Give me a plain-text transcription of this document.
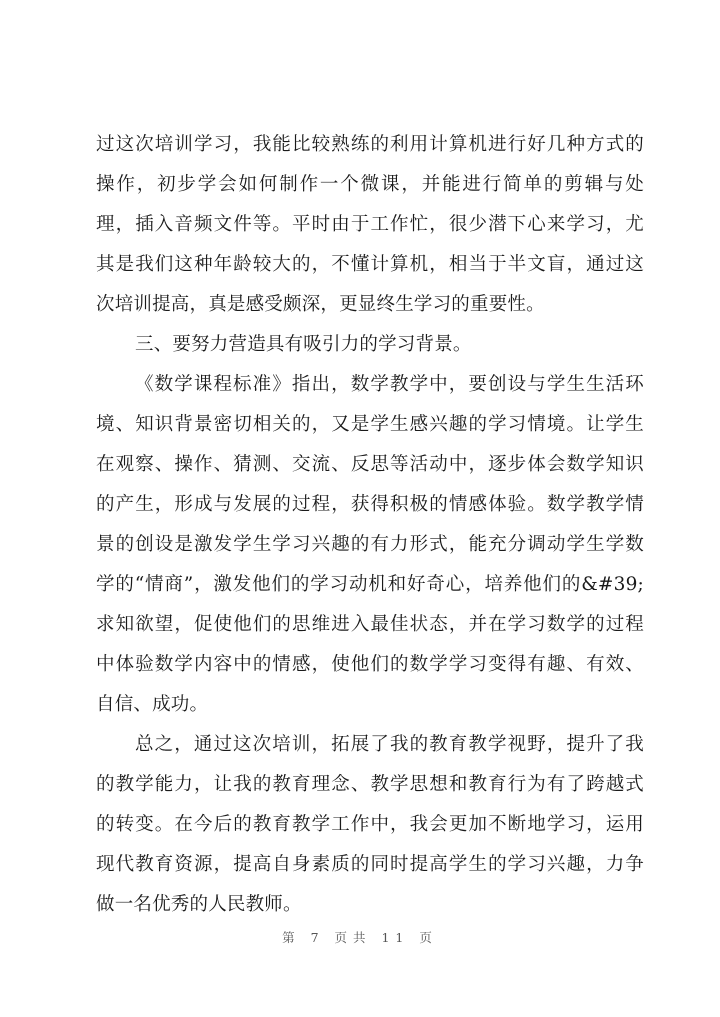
过这次培训学习，我能比较熟练的利用计算机进行好几种方式的
操作，初步学会如何制作一个微课，并能进行简单的剪辑与处
理，插入音频文件等。平时由于工作忙，很少潜下心来学习，尤
其是我们这种年龄较大的，不懂计算机，相当于半文盲，通过这
次培训提高，真是感受颇深，更显终生学习的重要性。
三、要努力营造具有吸引力的学习背景。
《数学课程标准》指出，数学教学中，要创设与学生生活环
境、知识背景密切相关的，又是学生感兴趣的学习情境。让学生
在观察、操作、猜测、交流、反思等活动中，逐步体会数学知识
的产生，形成与发展的过程，获得积极的情感体验。数学教学情
景的创设是激发学生学习兴趣的有力形式，能充分调动学生学数
学的“情商”，激发他们的学习动机和好奇心，培养他们的&#39;
求知欲望，促使他们的思维进入最佳状态，并在学习数学的过程
中体验数学内容中的情感，使他们的数学学习变得有趣、有效、
自信、成功。
总之，通过这次培训，拓展了我的教育教学视野，提升了我
的教学能力，让我的教育理念、教学思想和教育行为有了跨越式
的转变。在今后的教育教学工作中，我会更加不断地学习，运用
现代教育资源，提高自身素质的同时提高学生的学习兴趣，力争
做一名优秀的人民教师。
第 7 页共 11 页
